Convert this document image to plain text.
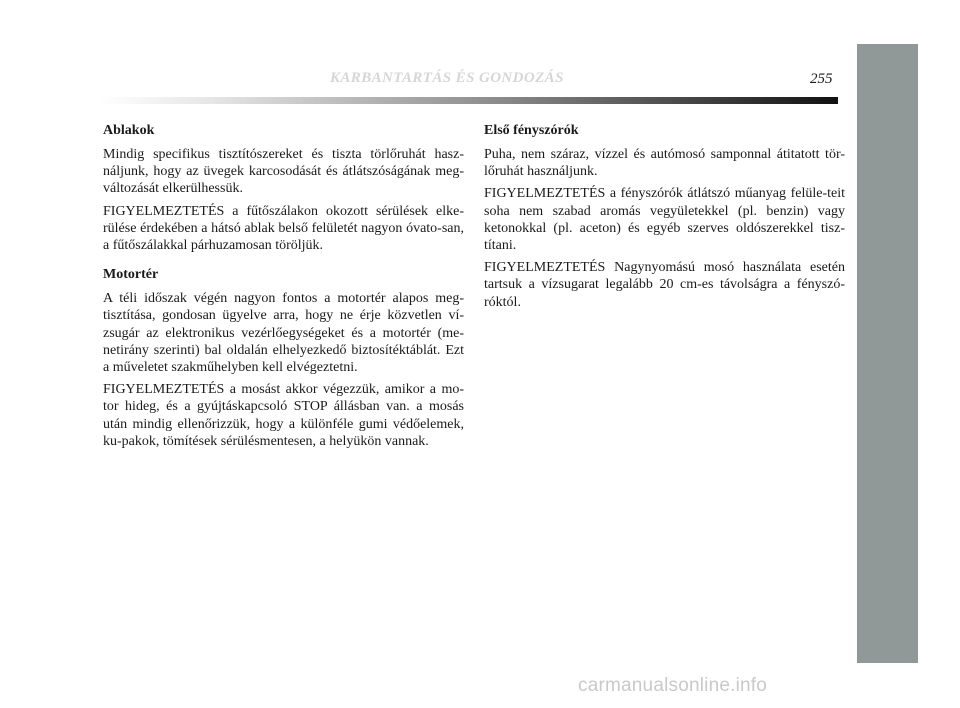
KARBANTARTÁS ÉS GONDOZÁS	255
Ablakok

Mindig specifikus tisztítószereket és tiszta törlőruhát hasz-náljunk, hogy az üvegek karcosodását és átlátszóságának meg-változását elkerülhessük.

FIGYELMEZTETÉS a fűtőszálakon okozott sérülések elke-rülése érdekében a hátsó ablak belső felületét nagyon óvato-san, a fűtőszálakkal párhuzamosan töröljük.

Motortér

A téli időszak végén nagyon fontos a motortér alapos meg-tisztítása, gondosan ügyelve arra, hogy ne érje közvetlen ví-zsugár az elektronikus vezérlőegységeket és a motortér (me-netirány szerinti) bal oldalán elhelyezkedő biztosítéktáblát. Ezt a műveletet szakműhelyben kell elvégeztetni.

FIGYELMEZTETÉS a mosást akkor végezzük, amikor a mo-tor hideg, és a gyújtáskapcsoló STOP állásban van. a mosás után mindig ellenőrizzük, hogy a különféle gumi védőelemek, ku-pakok, tömítések sérülésmentesen, a helyükön vannak.

Első fényszórók

Puha, nem száraz, vízzel és autómosó samponnal átitatott tör-lőruhát használjunk.

FIGYELMEZTETÉS a fényszórók átlátszó műanyag felüle-teit soha nem szabad aromás vegyületekkel (pl. benzin) vagy ketonokkal (pl. aceton) és egyéb szerves oldószerekkel tisz-títani.

FIGYELMEZTETÉS Nagynyomású mosó használata esetén tartsuk a vízsugarat legalább 20 cm-es távolságra a fényszó-róktól.

carmanualsonline.info
